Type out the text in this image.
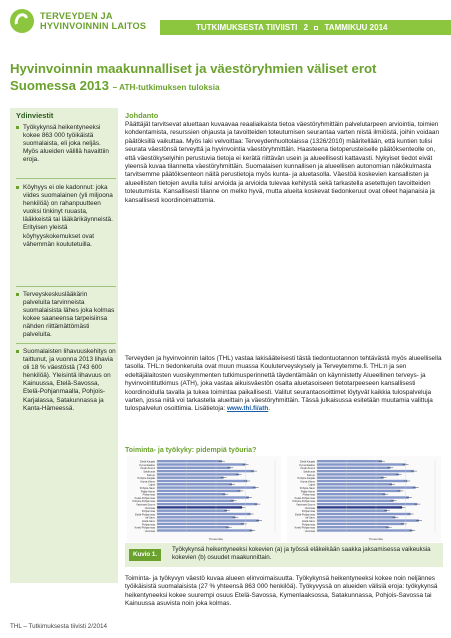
TERVEYDEN JA
HYVINVOINNIN LAITOS	TUTKIMUKSESTA TIIVIISTI 2 TAMMIKUU 2014
Hyvinvoinnin maakunnalliset ja väestöryhmien väliset erot Suomessa 2013 – ATH-tutkimuksen tuloksia
Ydinviestit
Työkykynsä heikentyneeksi kokee 863 000 työikäistä suomalaista, eli joka neljäs. Myös alueiden välillä havaittiin eroja.
Köyhyys ei ole kadonnut: joka viides suomalainen (yli miljoona henkilöä) on rahanpuutteen vuoksi tinkinyt ruuasta, lääkkeistä tai lääkärikäynneistä. Erityisen yleistä köyhyyskokemukset ovat vähemmän koulutetuilla.
Terveyskeskuslääkärin palveluita tarvinneista suomalaisista lähes joka kolmas kokee saaneensa tarpeisiinsa nähden riittämättömästi palveluita.
Suomalaisten lihavuuskehitys on taittunut, ja vuonna 2013 lihavia oli 18 % väestöstä (743 600 henkilöä). Yleisintä lihavuus on Kainuussa, Etelä-Savossa, Etelä-Pohjanmaalla, Pohjois-Karjalassa, Satakunnassa ja Kanta-Hämeessä.
Johdanto
Päättäjät tarvitsevat aluettaan kuvaavaa reaaliaikaista tietoa väestöryhmittäin palvelutarpeen arviointia, toimien kohdentamista, resurssien ohjausta ja tavoitteiden toteutumisen seurantaa varten niistä ilmiöistä, joihin voidaan päätöksillä vaikuttaa. Myös laki velvoittaa: Terveydenhuoltolaissa (1326/2010) määritellään, että kuntien tulisi seurata väestönsä terveyttä ja hyvinvointia väestöryhmittäin. Haasteena tietoperusteiselle päätöksenteolle on, että väestökyselyihin perustuvia tietoja ei kerätä riittävän usein ja alueellisesti kattavasti. Nykyiset tiedot eivät yleensä kuvaa tilannetta väestöryhmittäin. Suomalaisen kunnallisen ja alueellisen autonomian näkökulmasta tarvitsemme päätöksenteon näitä perustietoja myös kunta- ja aluetasolla. Väestöä koskevien kansallisten ja alueellisten tietojen avulla tulisi arvioida ja arvioida tulevaa kehitystä sekä tarkastella asetettujen tavoitteiden toteutumista. Kansallisesti tilanne on melko hyvä, mutta alueita koskevat tiedonkeruut ovat olleet hajanaisia ja kansallisesti koordinoimattomia.
Terveyden ja hyvinvoinnin laitos (THL) vastaa lakisääteisesti tästä tiedontuotannon tehtävästä myös alueellisella tasolla. THL:n tiedonkeruita ovat muun muassa Kouluterveyskysely ja Terveytemme.fi. THL:n ja sen edeltäjälaitosten vuosikymmenten tutkimusperinnettä täydentämään on käynnistetty Alueellinen terveys- ja hyvinvointitutkimus (ATH), joka vastaa aikuisväestön osalta aluetasoiseen tietotarpeeseen kansallisesti koordinoidulla tavalla ja tukea toimintaa paikallisesti. Valitut seurantaosoittimet löytyvät kaikkia tulospalveluja varten, jossa niitä voi tarkastella alueittain ja väestöryhmittäin. Tässä julkaisussa esitetään muutamia valittuja tulospalvelun osoittimia. Lisätietoja: www.thl.fi/ath.
Toiminta- ja työkyky: pidempiä työuria?
Etelä-Karjala
Kymenlaakso
Keski-Suomi
Satakunta
Kainuu
Pohjois-Karjala
Kanta-Häme
Lappi
Pohjois-Savo
Päijät-Häme
Pirkanmaa
Keski-Pohjanmaa
Pohjois-Pohjanmaa
Varsinais-Suomi
Uusimaa
Pohjanmaa
Etelä-Pohjanmaa
Itä-Savo
Etelä-Savo
Pohjanmaa
Keski-Pohjanmaa
Uusimaa
Prosenttia
Etelä-Karjala
Kymenlaakso
Keski-Suomi
Satakunta
Kainuu
Pohjois-Karjala
Kanta-Häme
Lappi
Pohjois-Savo
Päijät-Häme
Pirkanmaa
Keski-Pohjanmaa
Pohjois-Pohjanmaa
Varsinais-Suomi
Uusimaa
Pohjanmaa
Etelä-Pohjanmaa
Itä-Savo
Etelä-Savo
Pohjanmaa
Keski-Pohjanmaa
Uusimaa
Prosenttia
Kuvio 1.
Työkykynsä heikentyneeksi kokevien (a) ja työssä eläkeikään saakka jaksamisessa vaikeuksia kokevien (b) osuudet maakunnittain.
Toiminta- ja työkyvyn väestö kuvaa alueen elinvoimaisuutta. Työkykynsä heikentyneeksi kokee noin neljännes työikäisistä suomalaisista (27 % yhteensä 863 000 henkilöä). Työkyvyssä on alueiden välisiä eroja: työkykynsä heikentyneeksi kokee suurempi osuus Etelä-Savossa, Kymenlaaksossa, Satakunnassa, Pohjois-Savossa tai Kainuussa asuvista noin joka kolmas.
THL – Tutkimuksesta tiivisti 2/2014
